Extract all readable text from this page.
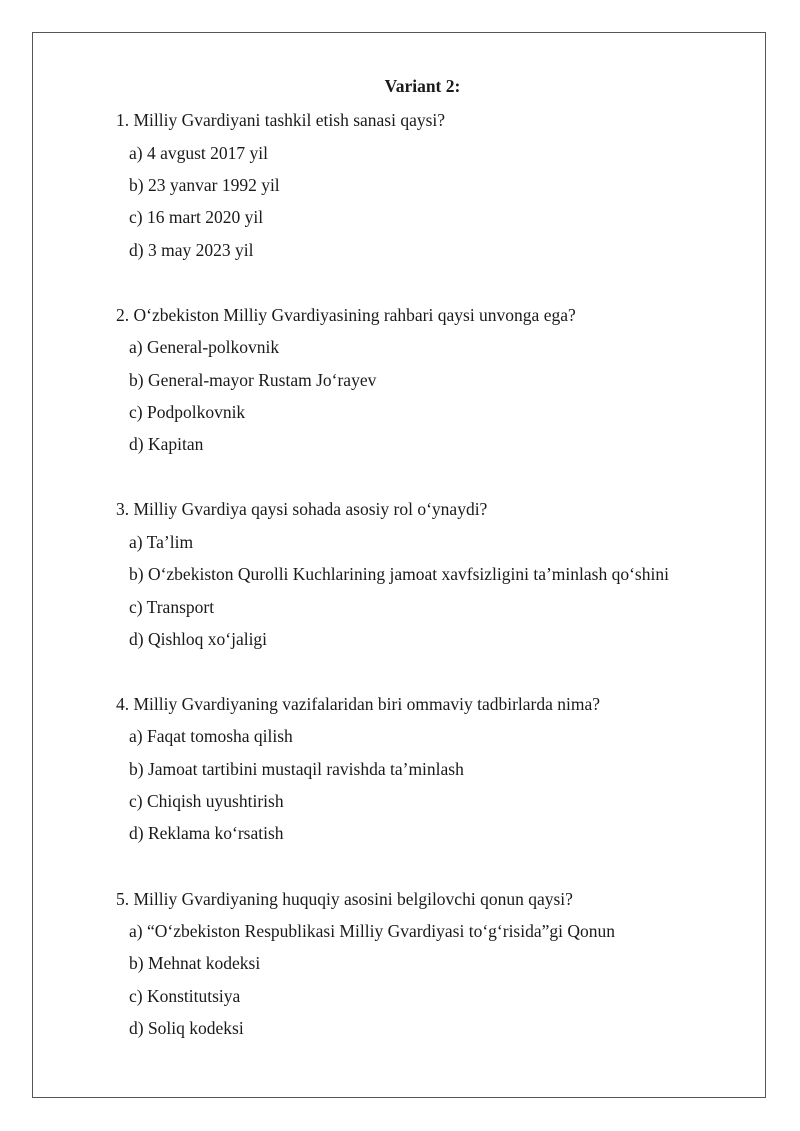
Variant 2:
1. Milliy Gvardiyani tashkil etish sanasi qaysi?
a) 4 avgust 2017 yil
b) 23 yanvar 1992 yil
c) 16 mart 2020 yil
d) 3 may 2023 yil
2. O‘zbekiston Milliy Gvardiyasining rahbari qaysi unvonga ega?
a) General-polkovnik
b) General-mayor Rustam Jo‘rayev
c) Podpolkovnik
d) Kapitan
3. Milliy Gvardiya qaysi sohada asosiy rol o‘ynaydi?
a) Ta’lim
b) O‘zbekiston Qurolli Kuchlarining jamoat xavfsizligini ta’minlash qo‘shini
c) Transport
d) Qishloq xo‘jaligi
4. Milliy Gvardiyaning vazifalaridan biri ommaviy tadbirlarda nima?
a) Faqat tomosha qilish
b) Jamoat tartibini mustaqil ravishda ta’minlash
c) Chiqish uyushtirish
d) Reklama ko‘rsatish
5. Milliy Gvardiyaning huquqiy asosini belgilovchi qonun qaysi?
a) “O‘zbekiston Respublikasi Milliy Gvardiyasi to‘g‘risida”gi Qonun
b) Mehnat kodeksi
c) Konstitutsiya
d) Soliq kodeksi
